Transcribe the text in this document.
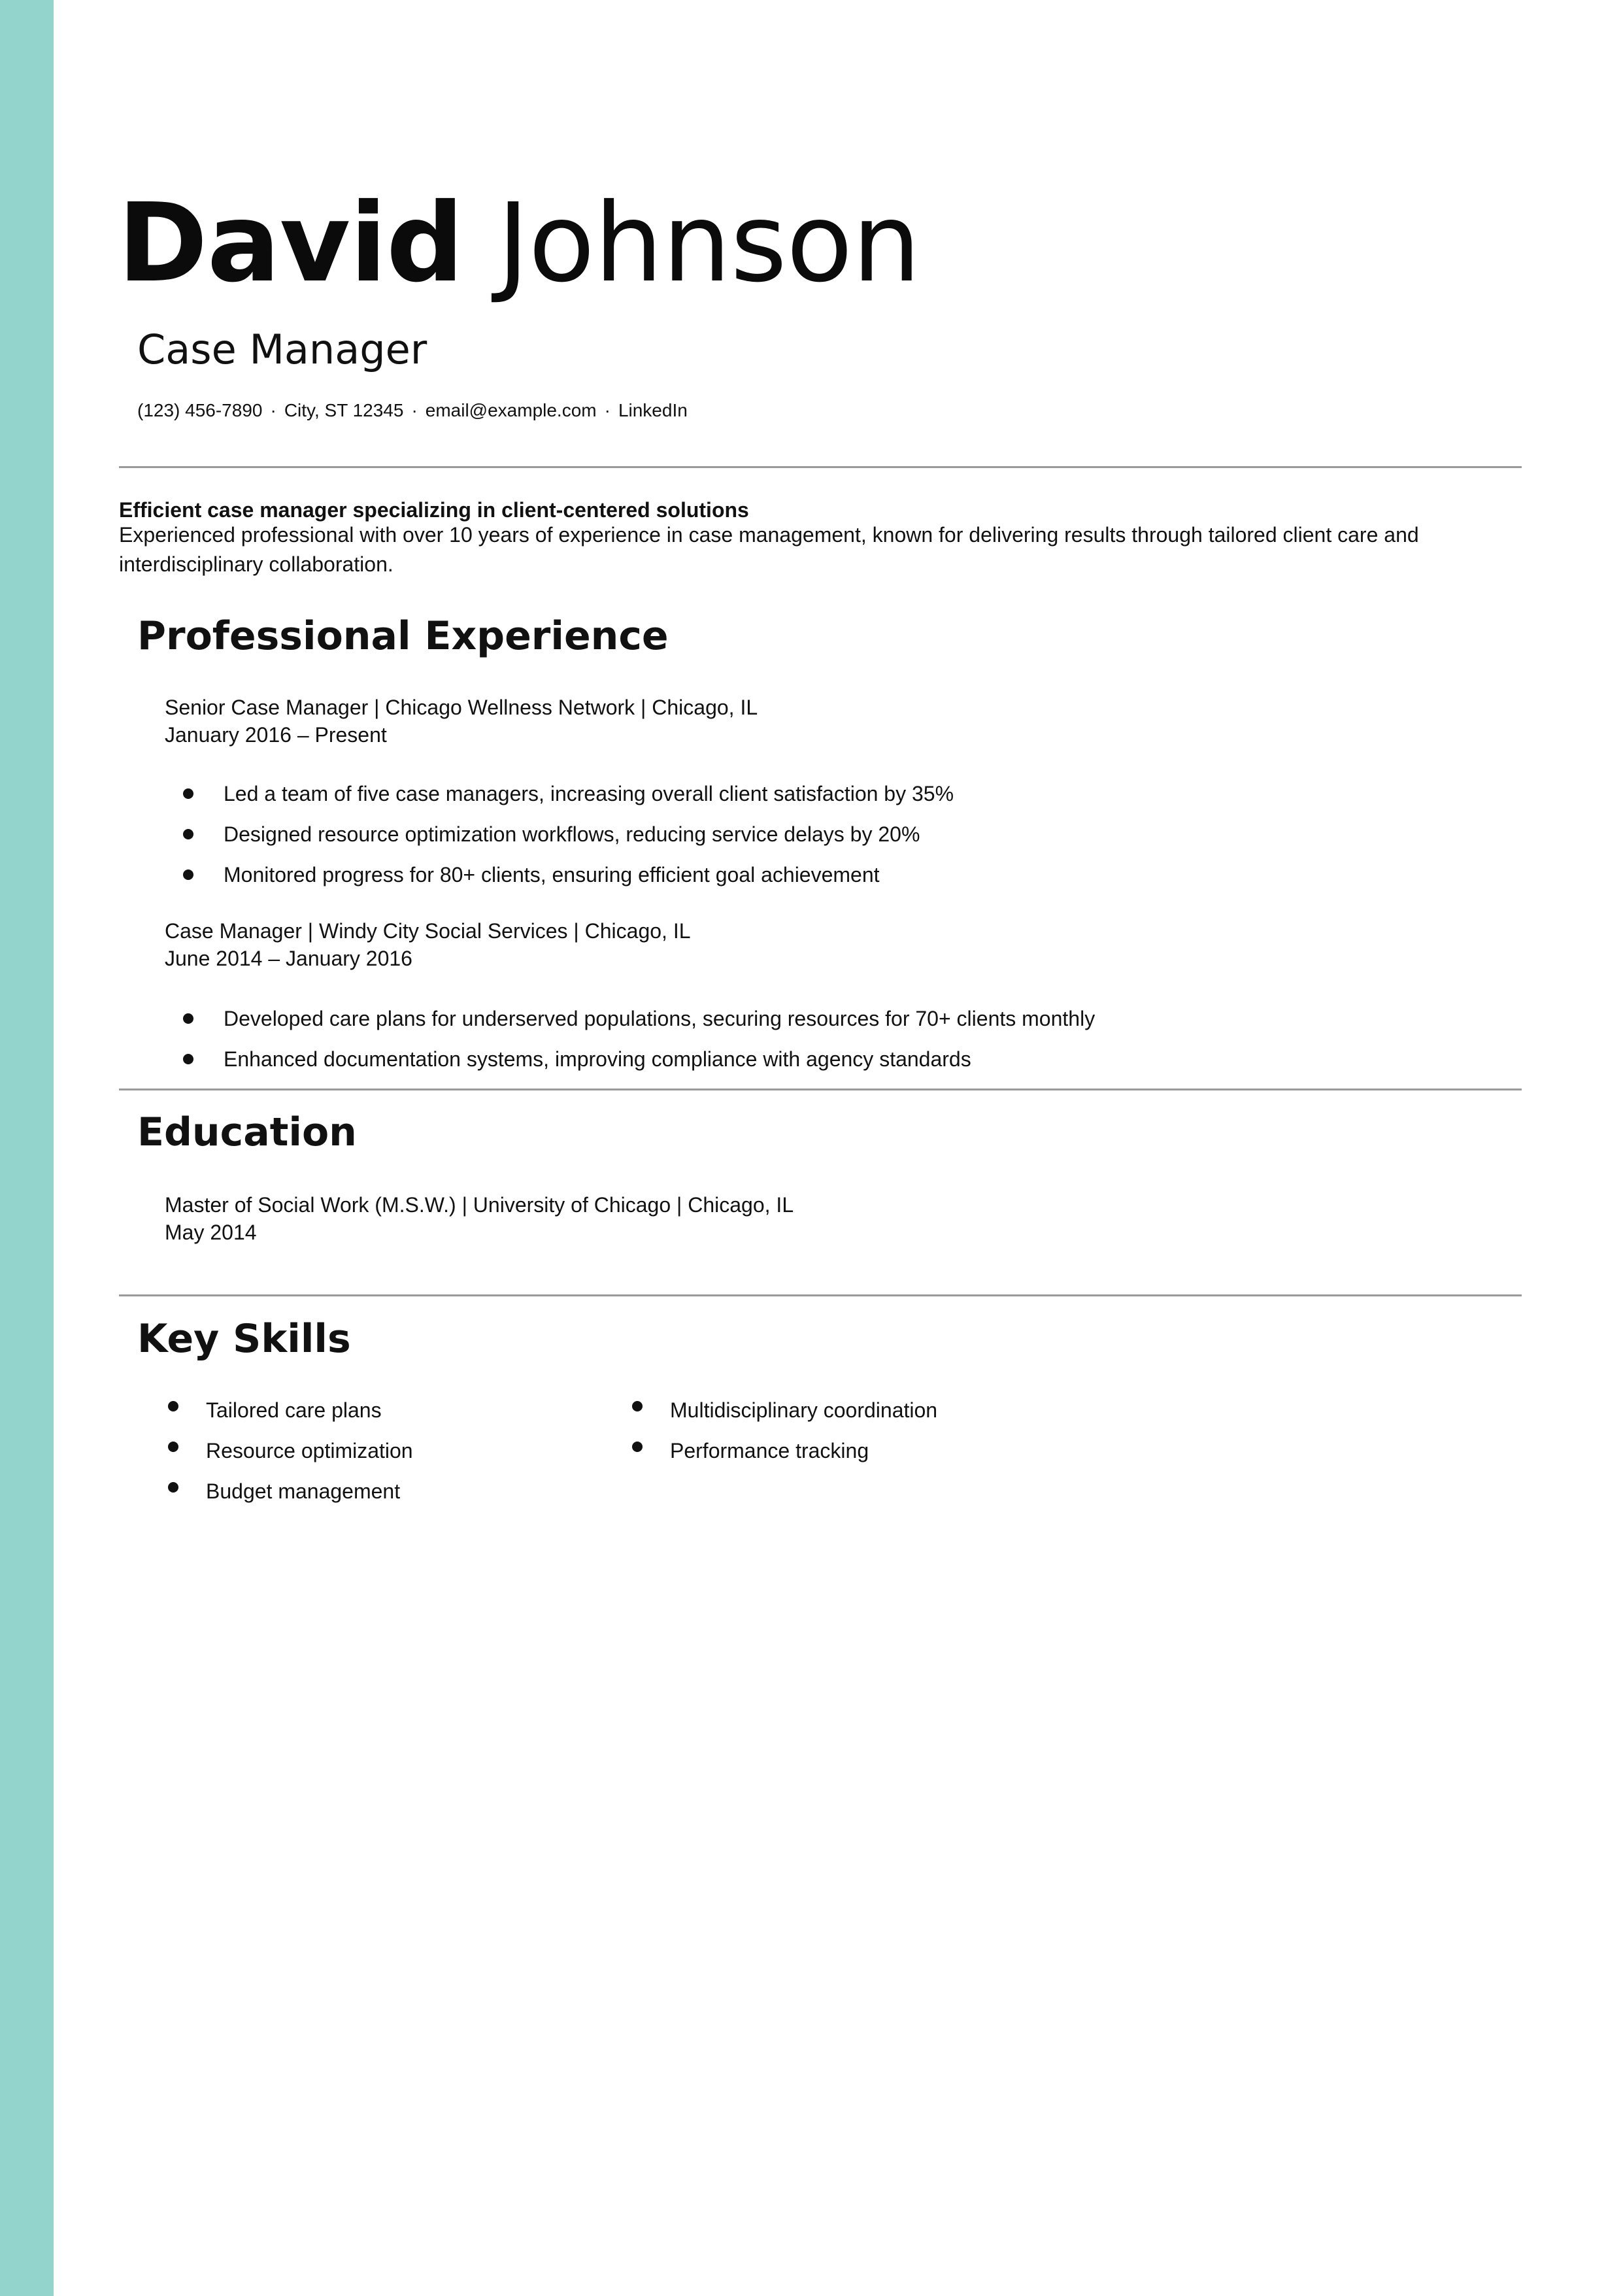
David Johnson
Case Manager
(123) 456-7890 · City, ST 12345 · email@example.com · LinkedIn
Efficient case manager specializing in client-centered solutions
Experienced professional with over 10 years of experience in case management, known for delivering results through tailored client care and interdisciplinary collaboration.
Professional Experience
Senior Case Manager | Chicago Wellness Network | Chicago, IL
January 2016 – Present
Led a team of five case managers, increasing overall client satisfaction by 35%
Designed resource optimization workflows, reducing service delays by 20%
Monitored progress for 80+ clients, ensuring efficient goal achievement
Case Manager | Windy City Social Services | Chicago, IL
June 2014 – January 2016
Developed care plans for underserved populations, securing resources for 70+ clients monthly
Enhanced documentation systems, improving compliance with agency standards
Education
Master of Social Work (M.S.W.) | University of Chicago | Chicago, IL
May 2014
Key Skills
Tailored care plans
Resource optimization
Budget management
Multidisciplinary coordination
Performance tracking
